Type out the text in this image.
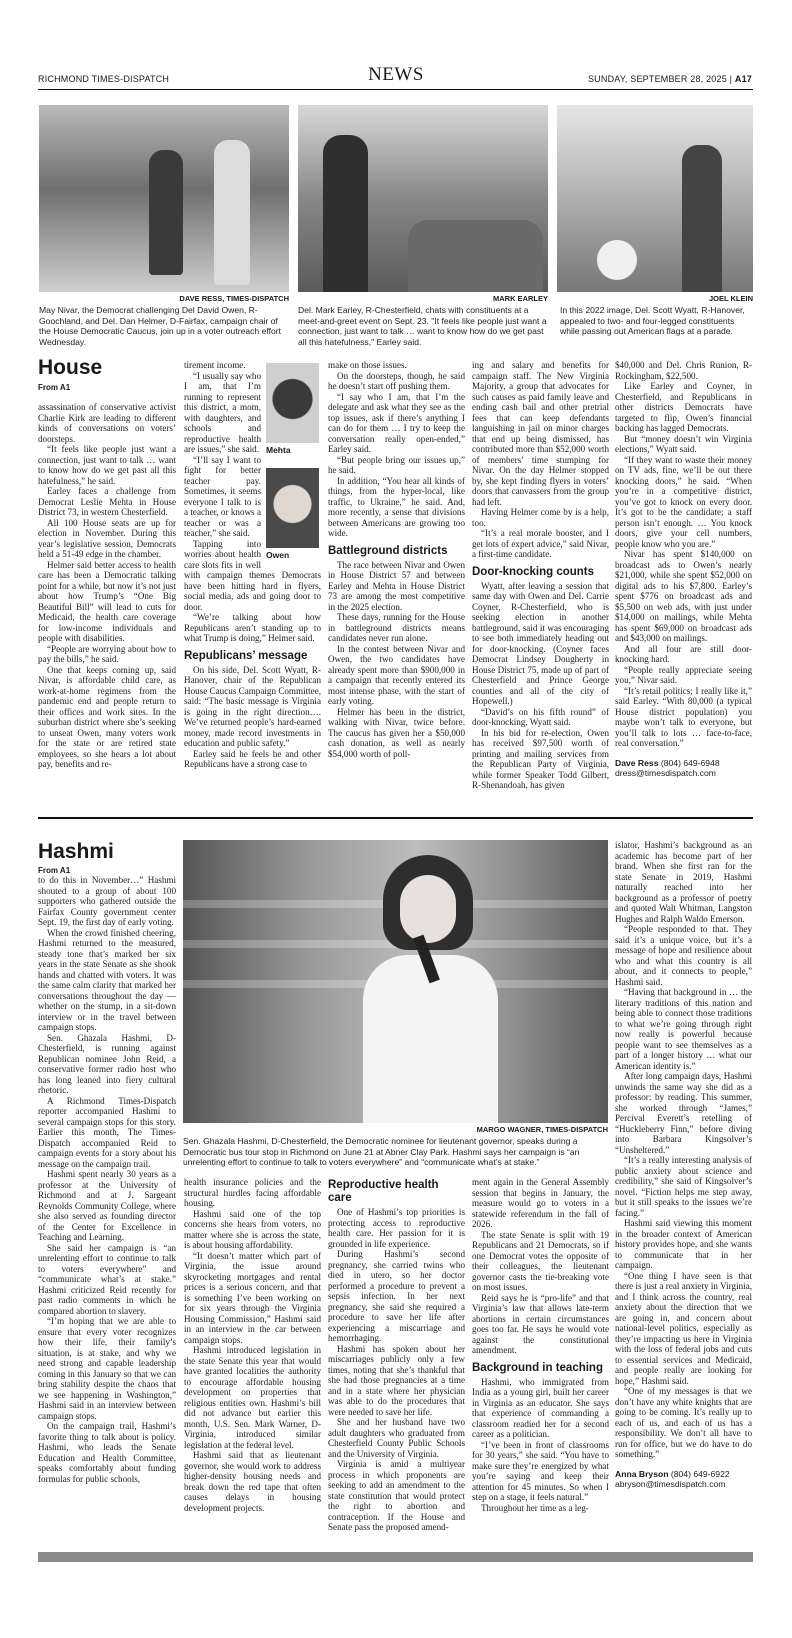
RICHMOND TIMES-DISPATCH	NEWS	SUNDAY, SEPTEMBER 28, 2025 | A17
DAVE RESS, TIMES-DISPATCH
May Nivar, the Democrat challenging Del David Owen, R-Goochland, and Del. Dan Helmer, D-Fairfax, campaign chair of the House Democratic Caucus, join up in a voter outreach effort Wednesday.
MARK EARLEY
Del. Mark Earley, R-Chesterfield, chats with constituents at a meet-and-greet event on Sept. 23. "It feels like people just want a connection, just want to talk … want to know how do we get past all this hatefulness," Earley said.
JOEL KLEIN
In this 2022 image, Del. Scott Wyatt, R-Hanover, appealed to two- and four-legged constituents while passing out American flags at a parade.
House
From A1
Mehta
Owen

assassination of conservative activist Charlie Kirk are leading to different kinds of conversations on voters’ doorsteps.

“It feels like people just want a connection, just want to talk … want to know how do we get past all this hatefulness,” he said.

Earley faces a challenge from Democrat Leslie Mehta in House District 73, in western Chesterfield.

All 100 House seats are up for election in November. During this year’s legislative session, Democrats held a 51-49 edge in the chamber.

Helmer said better access to health care has been a Democratic talking point for a while, but now it’s not just about how Trump’s “One Big Beautiful Bill” will lead to cuts for Medicaid, the health care coverage for low-income individuals and people with disabilities.

“People are worrying about how to pay the bills,” he said.

One that keeps coming up, said Nivar, is affordable child care, as work-at-home regimens from the pandemic end and people return to their offices and work sites. In the suburban district where she’s seeking to unseat Owen, many voters work for the state or are retired state employees, so she hears a lot about pay, benefits and re-

tirement income.

“I usually say who I am, that I’m running to represent this district, a mom, with daughters, and schools and reproductive health are issues,” she said.

“I’ll say I want to fight for better teacher pay. Sometimes, it seems everyone I talk to is a teacher, or knows a teacher or was a teacher,” she said.

Tapping into worries about health care slots fits in well with campaign themes Democrats have been hitting hard in flyers, social media, ads and going door to door.

“We’re talking about how Republicans aren’t standing up to what Trump is doing,” Helmer said.

Republicans’ message

On his side, Del. Scott Wyatt, R-Hanover, chair of the Republican House Caucus Campaign Committee, said: “The basic message is Virginia is going in the right direction…. We’ve returned people’s hard-earned money, made record investments in education and public safety.”

Earley said he feels he and other Republicans have a strong case to

make on those issues.

On the doorsteps, though, he said he doesn’t start off pushing them.

“I say who I am, that I’m the delegate and ask what they see as the top issues, ask if there’s anything I can do for them … I try to keep the conversation really open-ended,” Earley said.

“But people bring our issues up,” he said.

In addition, “You hear all kinds of things, from the hyper-local, like traffic, to Ukraine,” he said. And, more recently, a sense that divisions between Americans are growing too wide.

Battleground districts

The race between Nivar and Owen in House District 57 and between Earley and Mehta in House District 73 are among the most competitive in the 2025 election.

These days, running for the House in battleground districts means candidates never run alone.

In the contest between Nivar and Owen, the two candidates have already spent more than $900,000 in a campaign that recently entered its most intense phase, with the start of early voting.

Helmer has been in the district, walking with Nivar, twice before. The caucus has given her a $50,000 cash donation, as well as nearly $54,000 worth of poll-

ing and salary and benefits for campaign staff. The New Virginia Majority, a group that advocates for such causes as paid family leave and ending cash bail and other pretrial fees that can keep defendants languishing in jail on minor charges that end up being dismissed, has contributed more than $52,000 worth of members’ time stumping for Nivar. On the day Helmer stopped by, she kept finding flyers in voters’ doors that canvassers from the group had left.

Having Helmer come by is a help, too.

“It’s a real morale booster, and I get lots of expert advice,” said Nivar, a first-time candidate.

Door-knocking counts

Wyatt, after leaving a session that same day with Owen and Del. Carrie Coyner, R-Chesterfield, who is seeking election in another battleground, said it was encouraging to see both immediately heading out for door-knocking. (Coyner faces Democrat Lindsey Dougherty in House District 75, made up of part of Chesterfield and Prince George counties and all of the city of Hopewell.)

“David’s on his fifth round” of door-knocking, Wyatt said.

In his bid for re-election, Owen has received $97,500 worth of printing and mailing services from the Republican Party of Virginia, while former Speaker Todd Gilbert, R-Shenandoah, has given

$40,000 and Del. Chris Runion, R-Rockingham, $22,500.

Like Earley and Coyner, in Chesterfield, and Republicans in other districts Democrats have targeted to flip, Owen’s financial backing has lagged Democrats.

But “money doesn’t win Virginia elections,” Wyatt said.

“If they want to waste their money on TV ads, fine, we’ll be out there knocking doors,” he said. “When you’re in a competitive district, you’ve got to knock on every door. It’s got to be the candidate; a staff person isn’t enough. … You knock doors, give your cell numbers, people know who you are.”

Nivar has spent $140,000 on broadcast ads to Owen’s nearly $21,000, while she spent $52,000 on digital ads to his $7,800. Earley’s spent $776 on broadcast ads and $5,500 on web ads, with just under $14,000 on mailings, while Mehta has spent $69,000 on broadcast ads and $43,000 on mailings.

And all four are still door-knocking hard.

“People really appreciate seeing you,” Nivar said.

“It’s retail politics; I really like it,” said Earley. “With 80,000 (a typical House district population) you maybe won’t talk to everyone, but you’ll talk to lots … face-to-face, real conversation.”

Dave Ress (804) 649-6948
dress@timesdispatch.com
Hashmi
From A1
MARGO WAGNER, TIMES-DISPATCH
Sen. Ghazala Hashmi, D-Chesterfield, the Democratic nominee for lieutenant governor, speaks during a Democratic bus tour stop in Richmond on June 21 at Abner Clay Park. Hashmi says her campaign is “an unrelenting effort to continue to talk to voters everywhere” and “communicate what’s at stake.”

to do this in November…” Hashmi shouted to a group of about 100 supporters who gathered outside the Fairfax County government center Sept. 19, the first day of early voting.

When the crowd finished cheering, Hashmi returned to the measured, steady tone that’s marked her six years in the state Senate as she shook hands and chatted with voters. It was the same calm clarity that marked her conversations throughout the day — whether on the stump, in a sit-down interview or in the travel between campaign stops.

Sen. Ghazala Hashmi, D-Chesterfield, is running against Republican nominee John Reid, a conservative former radio host who has long leaned into fiery cultural rhetoric.

A Richmond Times-Dispatch reporter accompanied Hashmi to several campaign stops for this story. Earlier this month, The Times-Dispatch accompanied Reid to campaign events for a story about his message on the campaign trail.

Hashmi spent nearly 30 years as a professor at the University of Richmond and at J. Sargeant Reynolds Community College, where she also served as founding director of the Center for Excellence in Teaching and Learning.

She said her campaign is “an unrelenting effort to continue to talk to voters everywhere” and “communicate what’s at stake.” Hashmi criticized Reid recently for past radio comments in which he compared abortion to slavery.

“I’m hoping that we are able to ensure that every voter recognizes how their life, their family’s situation, is at stake, and why we need strong and capable leadership coming in this January so that we can bring stability despite the chaos that we see happening in Washington,” Hashmi said in an interview between campaign stops.

On the campaign trail, Hashmi’s favorite thing to talk about is policy. Hashmi, who leads the Senate Education and Health Committee, speaks comfortably about funding formulas for public schools,

health insurance policies and the structural hurdles facing affordable housing.

Hashmi said one of the top concerns she hears from voters, no matter where she is across the state, is about housing affordability.

“It doesn’t matter which part of Virginia, the issue around skyrocketing mortgages and rental prices is a serious concern, and that is something I’ve been working on for six years through the Virginia Housing Commission,” Hashmi said in an interview in the car between campaign stops.

Hashmi introduced legislation in the state Senate this year that would have granted localities the authority to encourage affordable housing development on properties that religious entities own. Hashmi’s bill did not advance but earlier this month, U.S. Sen. Mark Warner, D-Virginia, introduced similar legislation at the federal level.

Hashmi said that as lieutenant governor, she would work to address higher-density housing needs and break down the red tape that often causes delays in housing development projects.

Reproductive health care

One of Hashmi’s top priorities is protecting access to reproductive health care. Her passion for it is grounded in life experience.

During Hashmi’s second pregnancy, she carried twins who died in utero, so her doctor performed a procedure to prevent a sepsis infection. In her next pregnancy, she said she required a procedure to save her life after experiencing a miscarriage and hemorrhaging.

Hashmi has spoken about her miscarriages publicly only a few times, noting that she’s thankful that she had those pregnancies at a time and in a state where her physician was able to do the procedures that were needed to save her life.

She and her husband have two adult daughters who graduated from Chesterfield County Public Schools and the University of Virginia.

Virginia is amid a multiyear process in which proponents are seeking to add an amendment to the state constitution that would protect the right to abortion and contraception. If the House and Senate pass the proposed amend-

ment again in the General Assembly session that begins in January, the measure would go to voters in a statewide referendum in the fall of 2026.

The state Senate is split with 19 Republicans and 21 Democrats, so if one Democrat votes the opposite of their colleagues, the lieutenant governor casts the tie-breaking vote on most issues.

Reid says he is “pro-life” and that Virginia’s law that allows late-term abortions in certain circumstances goes too far. He says he would vote against the constitutional amendment.

Background in teaching

Hashmi, who immigrated from India as a young girl, built her career in Virginia as an educator. She says that experience of commanding a classroom readied her for a second career as a politician.

“I’ve been in front of classrooms for 30 years,” she said. “You have to make sure they’re energized by what you’re saying and keep their attention for 45 minutes. So when I step on a stage, it feels natural.”

Throughout her time as a leg-

islator, Hashmi’s background as an academic has become part of her brand. When she first ran for the state Senate in 2019, Hashmi naturally reached into her background as a professor of poetry and quoted Walt Whitman, Langston Hughes and Ralph Waldo Emerson.

“People responded to that. They said it’s a unique voice, but it’s a message of hope and resilience about who and what this country is all about, and it connects to people,” Hashmi said.

“Having that background in … the literary traditions of this nation and being able to connect those traditions to what we’re going through right now really is powerful because people want to see themselves as a part of a longer history … what our American identity is.”

After long campaign days, Hashmi unwinds the same way she did as a professor: by reading. This summer, she worked through “James,” Percival Everett’s retelling of “Huckleberry Finn,” before diving into Barbara Kingsolver’s “Unsheltered.”

“It’s a really interesting analysis of public anxiety about science and credibility,” she said of Kingsolver’s novel. “Fiction helps me step away, but it still speaks to the issues we’re facing.”

Hashmi said viewing this moment in the broader context of American history provides hope, and she wants to communicate that in her campaign.

“One thing I have seen is that there is just a real anxiety in Virginia, and I think across the country, real anxiety about the direction that we are going in, and concern about national-level politics, especially as they’re impacting us here in Virginia with the loss of federal jobs and cuts to essential services and Medicaid, and people really are looking for hope,” Hashmi said.

“One of my messages is that we don’t have any white knights that are going to be coming. It’s really up to each of us, and each of us has a responsibility. We don’t all have to run for office, but we do have to do something.”

Anna Bryson (804) 649-6922
abryson@timesdispatch.com
